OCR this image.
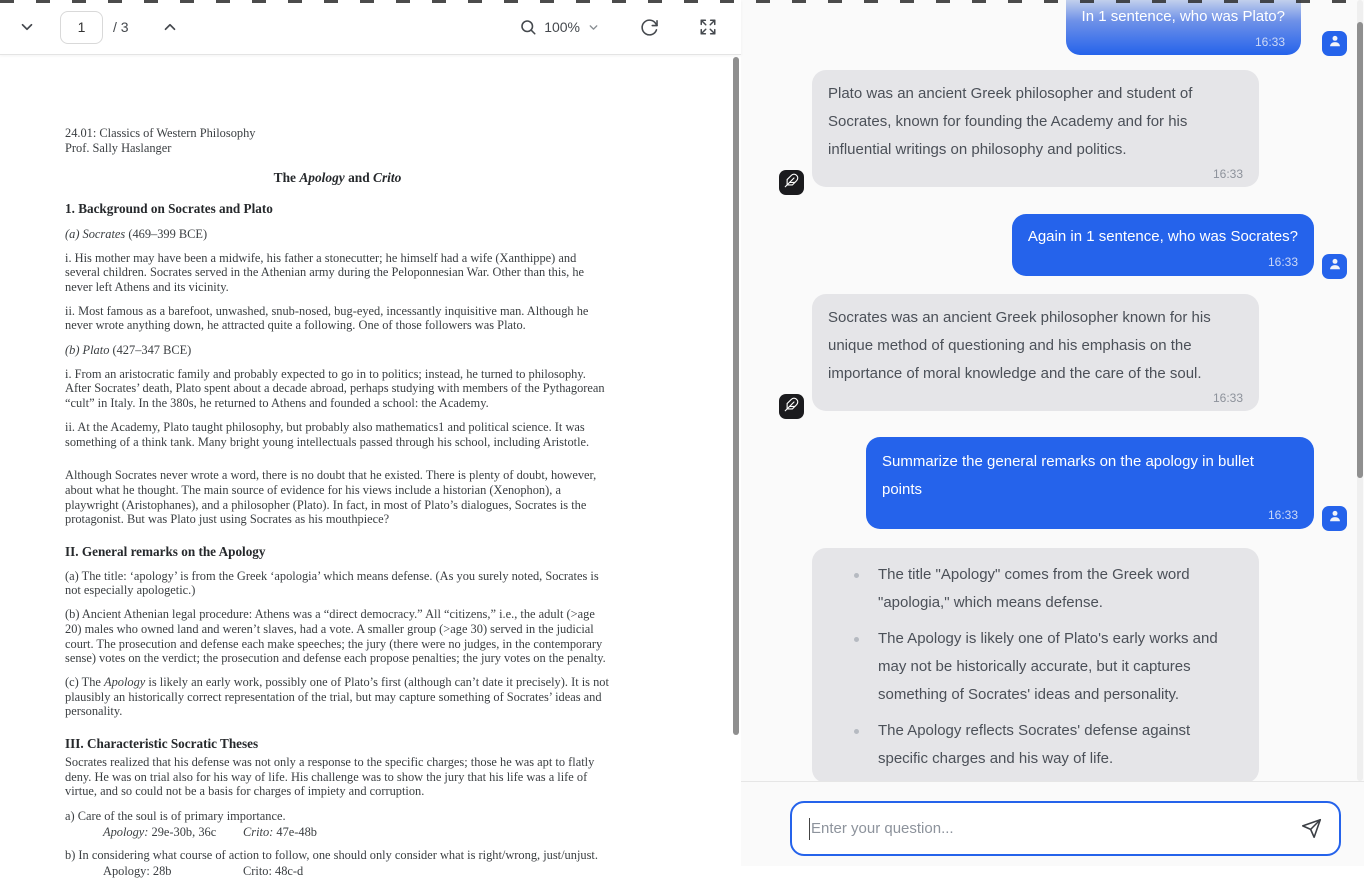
1
/ 3	100%

24.01: Classics of Western Philosophy

Prof. Sally Haslanger

The Apology and Crito

1. Background on Socrates and Plato

(a) Socrates (469–399 BCE)

i. His mother may have been a midwife, his father a stonecutter; he himself had a wife (Xanthippe) and several children. Socrates served in the Athenian army during the Peloponnesian War. Other than this, he never left Athens and its vicinity.

ii. Most famous as a barefoot, unwashed, snub-nosed, bug-eyed, incessantly inquisitive man. Although he never wrote anything down, he attracted quite a following. One of those followers was Plato.

(b) Plato (427–347 BCE)

i. From an aristocratic family and probably expected to go in to politics; instead, he turned to philosophy. After Socrates’ death, Plato spent about a decade abroad, perhaps studying with members of the Pythagorean “cult” in Italy. In the 380s, he returned to Athens and founded a school: the Academy.

ii. At the Academy, Plato taught philosophy, but probably also mathematics1 and political science. It was something of a think tank. Many bright young intellectuals passed through his school, including Aristotle.

Although Socrates never wrote a word, there is no doubt that he existed. There is plenty of doubt, however, about what he thought. The main source of evidence for his views include a historian (Xenophon), a playwright (Aristophanes), and a philosopher (Plato). In fact, in most of Plato’s dialogues, Socrates is the protagonist. But was Plato just using Socrates as his mouthpiece?

II. General remarks on the Apology

(a) The title: ‘apology’ is from the Greek ‘apologia’ which means defense. (As you surely noted, Socrates is not especially apologetic.)

(b) Ancient Athenian legal procedure: Athens was a “direct democracy.” All “citizens,” i.e., the adult (>age 20) males who owned land and weren’t slaves, had a vote. A smaller group (>age 30) served in the judicial court. The prosecution and defense each make speeches; the jury (there were no judges, in the contemporary sense) votes on the verdict; the prosecution and defense each propose penalties; the jury votes on the penalty.

(c) The Apology is likely an early work, possibly one of Plato’s first (although can’t date it precisely). It is not plausibly an historically correct representation of the trial, but may capture something of Socrates’ ideas and personality.

III. Characteristic Socratic Theses

Socrates realized that his defense was not only a response to the specific charges; those he was apt to flatly deny. He was on trial also for his way of life. His challenge was to show the jury that his life was a life of virtue, and so could not be a basis for charges of impiety and corruption.

a) Care of the soul is of primary importance.

Apology: 29e-30b, 36c	Crito: 47e-48b

b) In considering what course of action to follow, one should only consider what is right/wrong, just/unjust.

Apology: 28b	Crito: 48c-d
In 1 sentence, who was Plato?
16:33
Plato was an ancient Greek philosopher and student of Socrates, known for founding the Academy and for his influential writings on philosophy and politics.
16:33
Again in 1 sentence, who was Socrates?
16:33
Socrates was an ancient Greek philosopher known for his unique method of questioning and his emphasis on the importance of moral knowledge and the care of the soul.
16:33
Summarize the general remarks on the apology in bullet points
16:33
The title "Apology" comes from the Greek word "apologia," which means defense.
The Apology is likely one of Plato's early works and may not be historically accurate, but it captures something of Socrates' ideas and personality.
The Apology reflects Socrates' defense against specific charges and his way of life.
Enter your question...
